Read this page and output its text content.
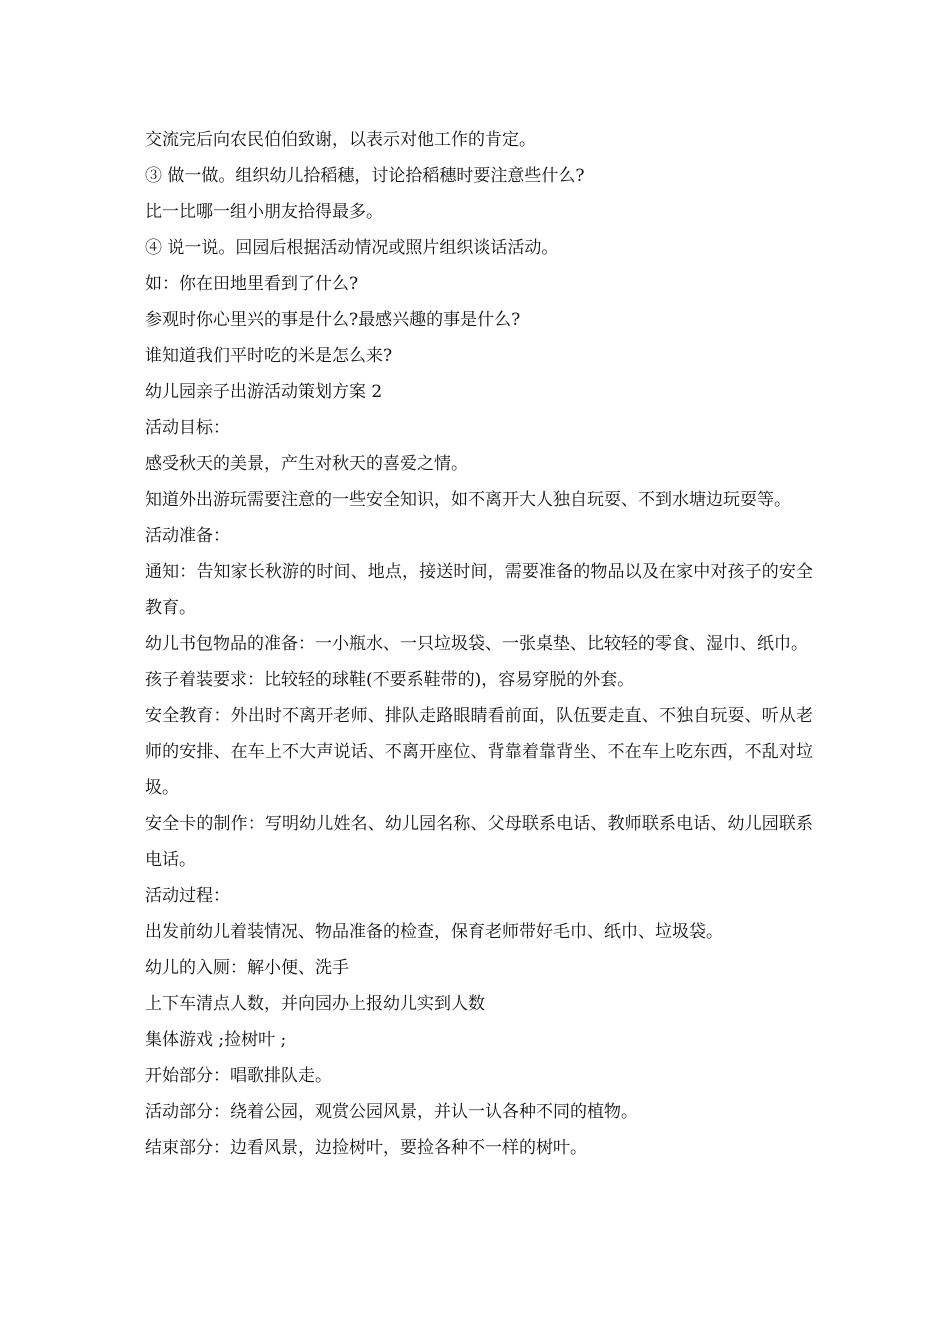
交流完后向农民伯伯致谢，以表示对他工作的肯定。

③ 做一做。组织幼儿拾稻穗，讨论拾稻穗时要注意些什么?

比一比哪一组小朋友拾得最多。

④ 说一说。回园后根据活动情况或照片组织谈话活动。

如：你在田地里看到了什么?

参观时你心里兴的事是什么?最感兴趣的事是什么?

谁知道我们平时吃的米是怎么来?

幼儿园亲子出游活动策划方案 2

活动目标：

感受秋天的美景，产生对秋天的喜爱之情。

知道外出游玩需要注意的一些安全知识，如不离开大人独自玩耍、不到水塘边玩耍等。

活动准备：

通知：告知家长秋游的时间、地点，接送时间，需要准备的物品以及在家中对孩子的安全教育。

幼儿书包物品的准备：一小瓶水、一只垃圾袋、一张桌垫、比较轻的零食、湿巾、纸巾。

孩子着装要求：比较轻的球鞋(不要系鞋带的)，容易穿脱的外套。

安全教育：外出时不离开老师、排队走路眼睛看前面，队伍要走直、不独自玩耍、听从老师的安排、在车上不大声说话、不离开座位、背靠着靠背坐、不在车上吃东西，不乱对垃圾。

安全卡的制作：写明幼儿姓名、幼儿园名称、父母联系电话、教师联系电话、幼儿园联系电话。

活动过程：

出发前幼儿着装情况、物品准备的检查，保育老师带好毛巾、纸巾、垃圾袋。

幼儿的入厕：解小便、洗手

上下车清点人数，并向园办上报幼儿实到人数

集体游戏 ;捡树叶 ;

开始部分：唱歌排队走。

活动部分：绕着公园，观赏公园风景，并认一认各种不同的植物。

结束部分：边看风景，边捡树叶，要捡各种不一样的树叶。
